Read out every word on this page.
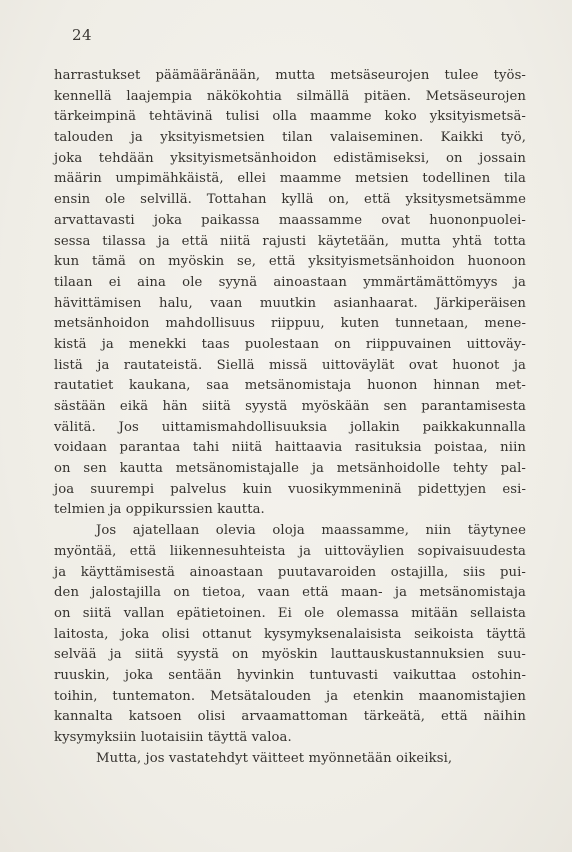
24
harrastukset päämääränään, mutta metsäseurojen tulee työs-
kennellä laajempia näkökohtia silmällä pitäen. Metsäseurojen
tärkeimpinä tehtävinä tulisi olla maamme koko yksityismetsä-
talouden ja yksityismetsien tilan valaiseminen. Kaikki työ,
joka tehdään yksityismetsänhoidon edistämiseksi, on jossain
määrin umpimähkäistä, ellei maamme metsien todellinen tila
ensin ole selvillä. Tottahan kyllä on, että yksitysmetsämme
arvattavasti joka paikassa maassamme ovat huononpuolei-
sessa tilassa ja että niitä rajusti käytetään, mutta yhtä totta
kun tämä on myöskin se, että yksityismetsänhoidon huonoon
tilaan ei aina ole syynä ainoastaan ymmärtämättömyys ja
hävittämisen halu, vaan muutkin asianhaarat. Järkiperäisen
metsänhoidon mahdollisuus riippuu, kuten tunnetaan, mene-
kistä ja menekki taas puolestaan on riippuvainen uittoväy-
listä ja rautateistä. Siellä missä uittoväylät ovat huonot ja
rautatiet kaukana, saa metsänomistaja huonon hinnan met-
sästään eikä hän siitä syystä myöskään sen parantamisesta
välitä. Jos uittamismahdollisuuksia jollakin paikkakunnalla
voidaan parantaa tahi niitä haittaavia rasituksia poistaa, niin
on sen kautta metsänomistajalle ja metsänhoidolle tehty pal-
joa suurempi palvelus kuin vuosikymmeninä pidettyjen esi-
telmien ja oppikurssien kautta.
Jos ajatellaan olevia oloja maassamme, niin täytynee
myöntää, että liikennesuhteista ja uittoväylien sopivaisuudesta
ja käyttämisestä ainoastaan puutavaroiden ostajilla, siis pui-
den jalostajilla on tietoa, vaan että maan- ja metsänomistaja
on siitä vallan epätietoinen. Ei ole olemassa mitään sellaista
laitosta, joka olisi ottanut kysymyksenalaisista seikoista täyttä
selvää ja siitä syystä on myöskin lauttauskustannuksien suu-
ruuskin, joka sentään hyvinkin tuntuvasti vaikuttaa ostohin-
toihin, tuntematon. Metsätalouden ja etenkin maanomistajien
kannalta katsoen olisi arvaamattoman tärkeätä, että näihin
kysymyksiin luotaisiin täyttä valoa.
Mutta, jos vastatehdyt väitteet myönnetään oikeiksi,
